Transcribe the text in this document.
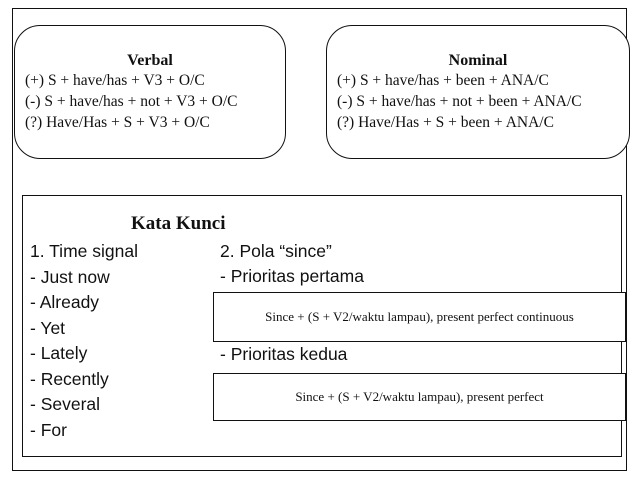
Verbal
(+) S + have/has + V3 + O/C
(-) S + have/has + not + V3 + O/C
(?) Have/Has + S + V3 + O/C
Nominal
(+) S + have/has + been + ANA/C
(-) S + have/has + not + been + ANA/C
(?) Have/Has + S + been + ANA/C
Kata Kunci
1. Time signal
- Just now
- Already
- Yet
- Lately
- Recently
- Several
- For
2. Pola “since”
- Prioritas pertama
Since + (S + V2/waktu lampau), present perfect continuous
- Prioritas kedua
Since + (S + V2/waktu lampau), present perfect
